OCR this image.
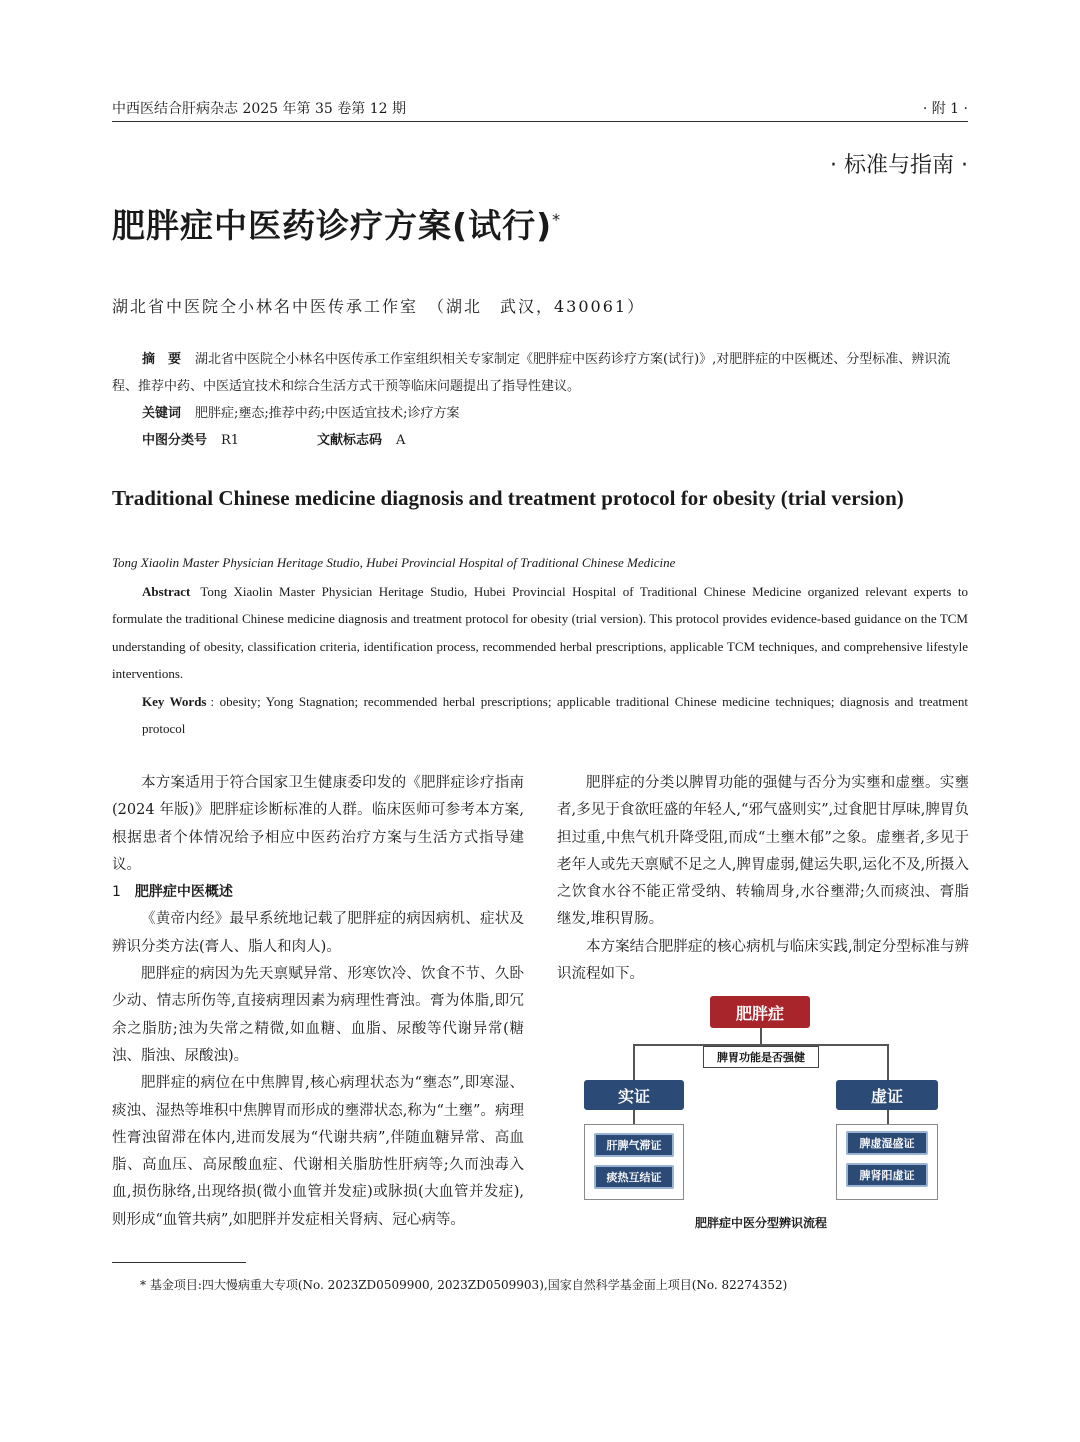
中西医结合肝病杂志 2025 年第 35 卷第 12 期	· 附 1 ·
· 标准与指南 ·
肥胖症中医药诊疗方案(试行)*
湖北省中医院仝小林名中医传承工作室　（湖北　武汉，430061）
摘　要 湖北省中医院仝小林名中医传承工作室组织相关专家制定《肥胖症中医药诊疗方案(试行)》,对肥胖症的中医概述、分型标准、辨识流程、推荐中药、中医适宜技术和综合生活方式干预等临床问题提出了指导性建议。
关键词 肥胖症;壅态;推荐中药;中医适宜技术;诊疗方案
中图分类号 R1	文献标志码 A
Traditional Chinese medicine diagnosis and treatment protocol for obesity (trial version)
Tong Xiaolin Master Physician Heritage Studio, Hubei Provincial Hospital of Traditional Chinese Medicine
Abstract Tong Xiaolin Master Physician Heritage Studio, Hubei Provincial Hospital of Traditional Chinese Medicine organized relevant experts to formulate the traditional Chinese medicine diagnosis and treatment protocol for obesity (trial version). This protocol provides evidence-based guidance on the TCM understanding of obesity, classification criteria, identification process, recommended herbal prescriptions, applicable TCM techniques, and comprehensive lifestyle interventions.
Key Words : obesity; Yong Stagnation; recommended herbal prescriptions; applicable traditional Chinese medicine techniques; diagnosis and treatment protocol

本方案适用于符合国家卫生健康委印发的《肥胖症诊疗指南(2024 年版)》肥胖症诊断标准的人群。临床医师可参考本方案,根据患者个体情况给予相应中医药治疗方案与生活方式指导建议。

1 肥胖症中医概述

《黄帝内经》最早系统地记载了肥胖症的病因病机、症状及辨识分类方法(膏人、脂人和肉人)。

肥胖症的病因为先天禀赋异常、形寒饮冷、饮食不节、久卧少动、情志所伤等,直接病理因素为病理性膏浊。膏为体脂,即冗余之脂肪;浊为失常之精微,如血糖、血脂、尿酸等代谢异常(糖浊、脂浊、尿酸浊)。

肥胖症的病位在中焦脾胃,核心病理状态为“壅态”,即寒湿、痰浊、湿热等堆积中焦脾胃而形成的壅滞状态,称为“土壅”。病理性膏浊留滞在体内,进而发展为“代谢共病”,伴随血糖异常、高血脂、高血压、高尿酸血症、代谢相关脂肪性肝病等;久而浊毒入血,损伤脉络,出现络损(微小血管并发症)或脉损(大血管并发症),则形成“血管共病”,如肥胖并发症相关肾病、冠心病等。

肥胖症的分类以脾胃功能的强健与否分为实壅和虚壅。实壅者,多见于食欲旺盛的年轻人,“邪气盛则实”,过食肥甘厚味,脾胃负担过重,中焦气机升降受阻,而成“土壅木郁”之象。虚壅者,多见于老年人或先天禀赋不足之人,脾胃虚弱,健运失职,运化不及,所摄入之饮食水谷不能正常受纳、转输周身,水谷壅滞;久而痰浊、膏脂继发,堆积胃肠。

本方案结合肥胖症的核心病机与临床实践,制定分型标准与辨识流程如下。

肥胖症
脾胃功能是否强健
实证	虚证
肝脾气滞证
痰热互结证
脾虚湿盛证
脾肾阳虚证
肥胖症中医分型辨识流程
* 基金项目:四大慢病重大专项(No. 2023ZD0509900, 2023ZD0509903),国家自然科学基金面上项目(No. 82274352)
